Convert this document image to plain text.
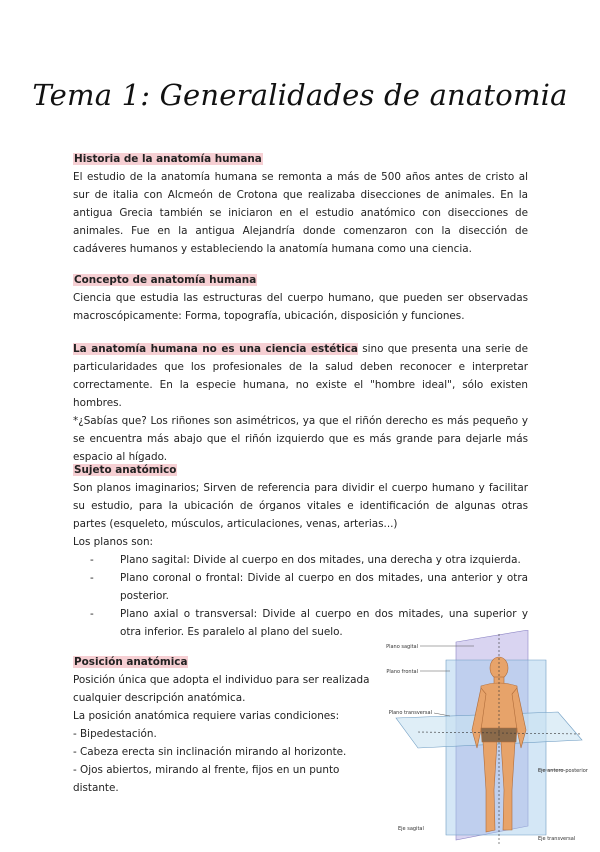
Tema 1: Generalidades de anatomia
Historia de la anatomía humana

El estudio de la anatomía humana se remonta a más de 500 años antes de cristo al sur de italia con Alcmeón de Crotona que realizaba disecciones de animales. En la antigua Grecia también se iniciaron en el estudio anatómico con disecciones de animales. Fue en la antigua Alejandría donde comenzaron con la disección de cadáveres humanos y estableciendo la anatomía humana como una ciencia.

Concepto de anatomía humana

Ciencia que estudia las estructuras del cuerpo humano, que pueden ser observadas macroscópicamente: Forma, topografía, ubicación, disposición y funciones.

La anatomía humana no es una ciencia estética sino que presenta una serie de particularidades que los profesionales de la salud deben reconocer e interpretar correctamente. En la especie humana, no existe el "hombre ideal", sólo existen hombres.

*¿Sabías que? Los riñones son asimétricos, ya que el riñón derecho es más pequeño y se encuentra más abajo que el riñón izquierdo que es más grande para dejarle más espacio al hígado.

Sujeto anatómico

Son planos imaginarios; Sirven de referencia para dividir el cuerpo humano y facilitar su estudio, para la ubicación de órganos vitales e identificación de algunas otras partes (esqueleto, músculos, articulaciones, venas, arterias...)

Los planos son:

- Plano sagital: Divide al cuerpo en dos mitades, una derecha y otra izquierda.
- Plano coronal o frontal: Divide al cuerpo en dos mitades, una anterior y otra posterior.
- Plano axial o transversal: Divide al cuerpo en dos mitades, una superior y otra inferior. Es paralelo al plano del suelo.
Posición anatómica
Posición única que adopta el individuo para ser realizada
cualquier descripción anatómica.
La posición anatómica requiere varias condiciones:
- Bipedestación.
- Cabeza erecta sin inclinación mirando al horizonte.
- Ojos abiertos, mirando al frente, fijos en un punto distante.
Plano sagital
Plano frontal
Plano transversal
Eje antero-posterior
Eje sagital
Eje transversal
